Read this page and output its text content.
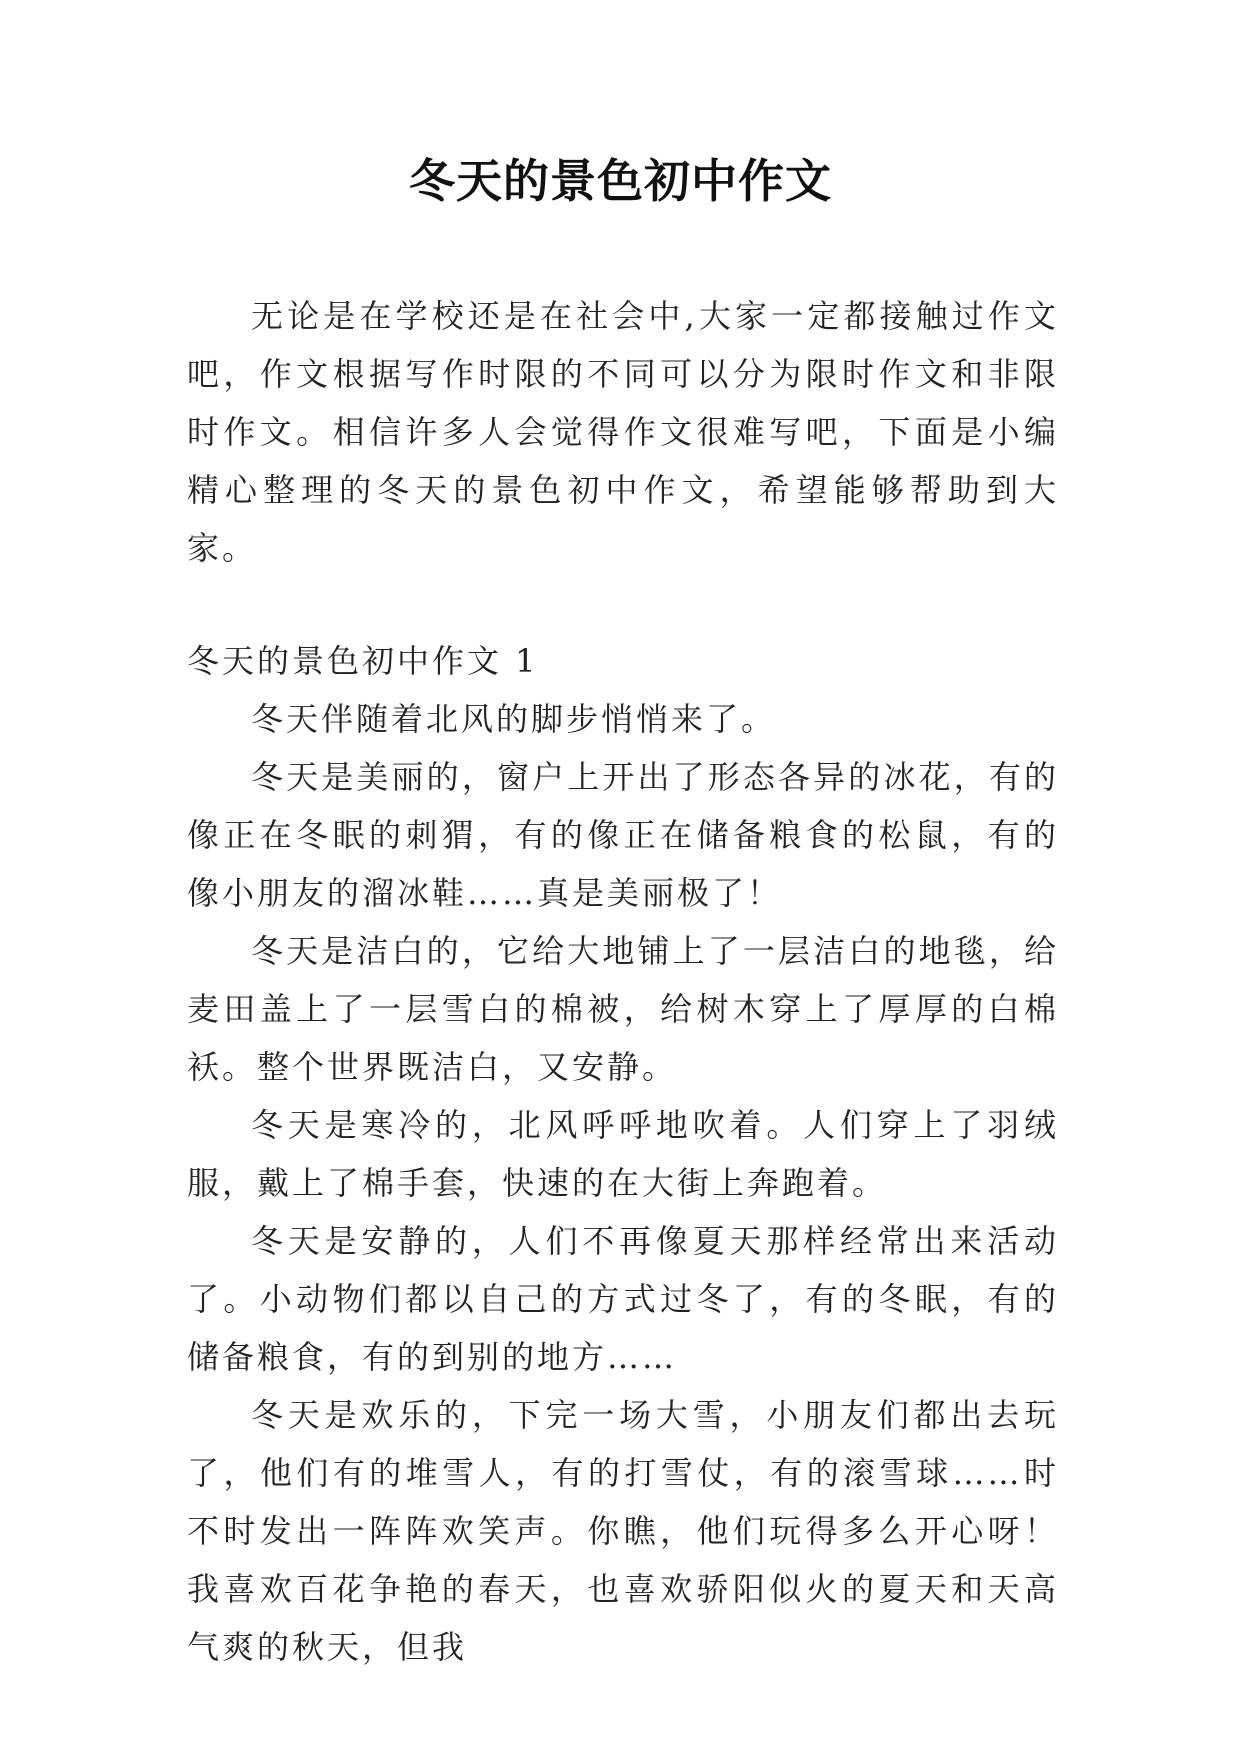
冬天的景色初中作文

无论是在学校还是在社会中,大家一定都接触过作文吧，作文根据写作时限的不同可以分为限时作文和非限时作文。相信许多人会觉得作文很难写吧，下面是小编精心整理的冬天的景色初中作文，希望能够帮助到大家。

冬天的景色初中作文 1

冬天伴随着北风的脚步悄悄来了。

冬天是美丽的，窗户上开出了形态各异的冰花，有的像正在冬眠的刺猬，有的像正在储备粮食的松鼠，有的像小朋友的溜冰鞋……真是美丽极了！

冬天是洁白的，它给大地铺上了一层洁白的地毯，给麦田盖上了一层雪白的棉被，给树木穿上了厚厚的白棉袄。整个世界既洁白，又安静。

冬天是寒冷的，北风呼呼地吹着。人们穿上了羽绒服，戴上了棉手套，快速的在大街上奔跑着。

冬天是安静的，人们不再像夏天那样经常出来活动了。小动物们都以自己的方式过冬了，有的冬眠，有的储备粮食，有的到别的地方……

冬天是欢乐的，下完一场大雪，小朋友们都出去玩了，他们有的堆雪人，有的打雪仗，有的滚雪球……时不时发出一阵阵欢笑声。你瞧，他们玩得多么开心呀！我喜欢百花争艳的春天，也喜欢骄阳似火的夏天和天高气爽的秋天，但我
